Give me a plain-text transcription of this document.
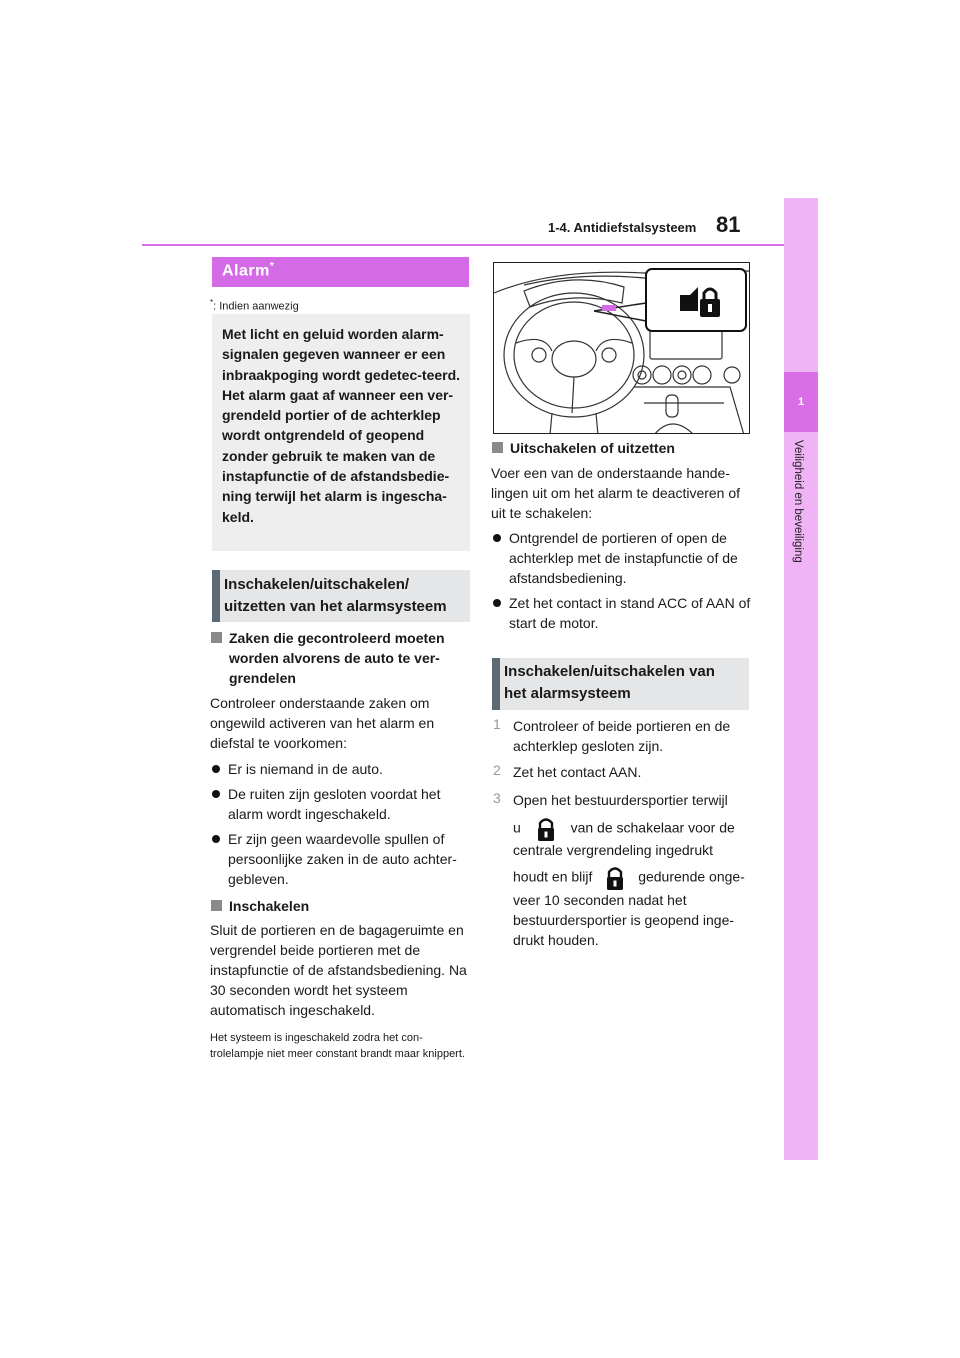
1-4. Antidiefstalsysteem 81
1
Veiligheid en beveiliging
Alarm*
*: Indien aanwezig

Met licht en geluid worden alarm-signalen gegeven wanneer er een inbraakpoging wordt gedetec-teerd.
Het alarm gaat af wanneer een ver-grendeld portier of de achterklep wordt ontgrendeld of geopend zonder gebruik te maken van de instapfunctie of de afstandsbedie-ning terwijl het alarm is ingescha-keld.

Inschakelen/uitschakelen/
uitzetten van het alarmsysteem
Zaken die gecontroleerd moeten worden alvorens de auto te ver-grendelen
Controleer onderstaande zaken om ongewild activeren van het alarm en diefstal te voorkomen:
Er is niemand in de auto.
De ruiten zijn gesloten voordat het alarm wordt ingeschakeld.
Er zijn geen waardevolle spullen of persoonlijke zaken in de auto achter-gebleven.
Inschakelen
Sluit de portieren en de bagageruimte en vergrendel beide portieren met de instapfunctie of de afstandsbediening. Na 30 seconden wordt het systeem automatisch ingeschakeld.
Het systeem is ingeschakeld zodra het con-trolelampje niet meer constant brandt maar knippert.
Uitschakelen of uitzetten
Voer een van de onderstaande hande-lingen uit om het alarm te deactiveren of uit te schakelen:
Ontgrendel de portieren of open de achterklep met de instapfunctie of de afstandsbediening.
Zet het contact in stand ACC of AAN of start de motor.
Inschakelen/uitschakelen van
het alarmsysteem
1 Controleer of beide portieren en de achterklep gesloten zijn.
2 Zet het contact AAN.
3 Open het bestuurdersportier terwijl
u	van de schakelaar voor de
centrale vergrendeling ingedrukt
houdt en blijf	gedurende onge-
veer 10 seconden nadat het bestuurdersportier is geopend inge-drukt houden.
